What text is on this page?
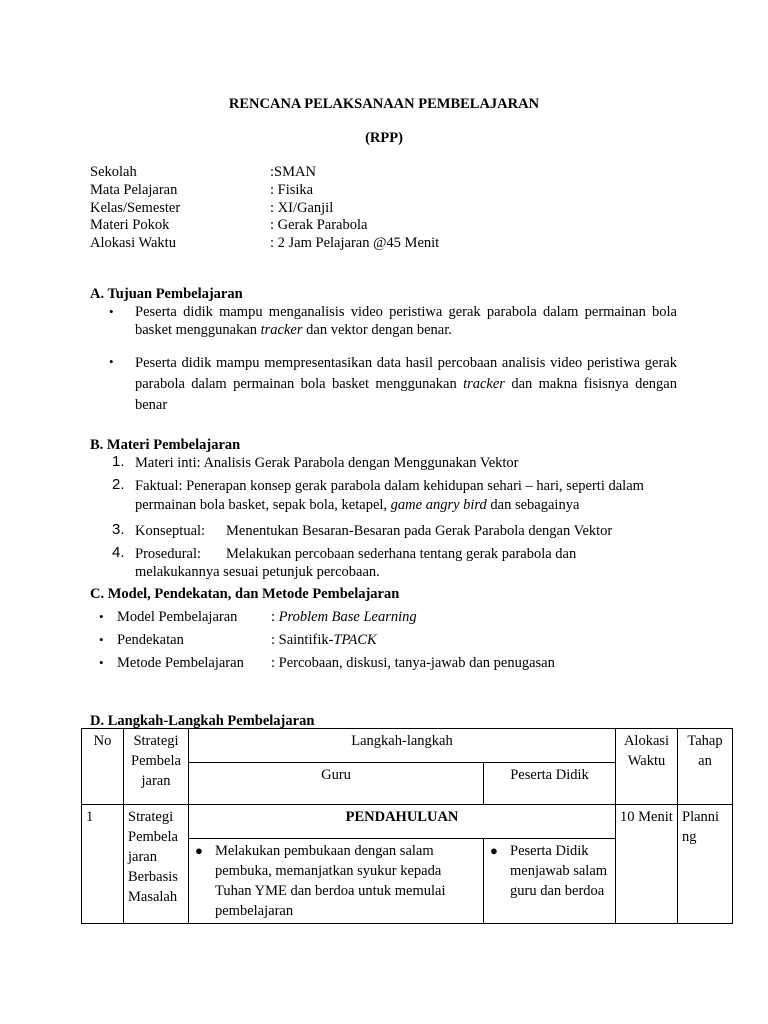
RENCANA PELAKSANAAN PEMBELAJARAN
(RPP)
Sekolah	:SMAN
Mata Pelajaran	: Fisika
Kelas/Semester	: XI/Ganjil
Materi Pokok	: Gerak Parabola
Alokasi Waktu	: 2 Jam Pelajaran @45 Menit
A. Tujuan Pembelajaran
• Peserta didik mampu menganalisis video peristiwa gerak parabola dalam permainan bola basket menggunakan tracker dan vektor dengan benar.
• Peserta didik mampu mempresentasikan data hasil percobaan analisis video peristiwa gerak parabola dalam permainan bola basket menggunakan tracker dan makna fisisnya dengan benar
B. Materi Pembelajaran
1. Materi inti: Analisis Gerak Parabola dengan Menggunakan Vektor
2. Faktual: Penerapan konsep gerak parabola dalam kehidupan sehari – hari, seperti dalam
permainan bola basket, sepak bola, ketapel, game angry bird dan sebagainya
3. Konseptual: Menentukan Besaran-Besaran pada Gerak Parabola dengan Vektor
4. Prosedural: Melakukan percobaan sederhana tentang gerak parabola dan
melakukannya sesuai petunjuk percobaan.
C. Model, Pendekatan, dan Metode Pembelajaran
• Model Pembelajaran : Problem Base Learning
• Pendekatan	: Saintifik-TPACK
• Metode Pembelajaran : Percobaan, diskusi, tanya-jawab dan penugasan
D. Langkah-Langkah Pembelajaran
No	Strategi Pembela jaran	Langkah-langkah		Alokasi Waktu	Tahap an
		Guru	Peserta Didik		
1	Strategi Pembela jaran Berbasis Masalah	PENDAHULUAN		10 Menit	Planni ng

		● Melakukan pembukaan dengan salam pembuka, memanjatkan syukur kepada Tuhan YME dan berdoa untuk memulai pembelajaran	● Peserta Didik menjawab salam guru dan berdoa		
